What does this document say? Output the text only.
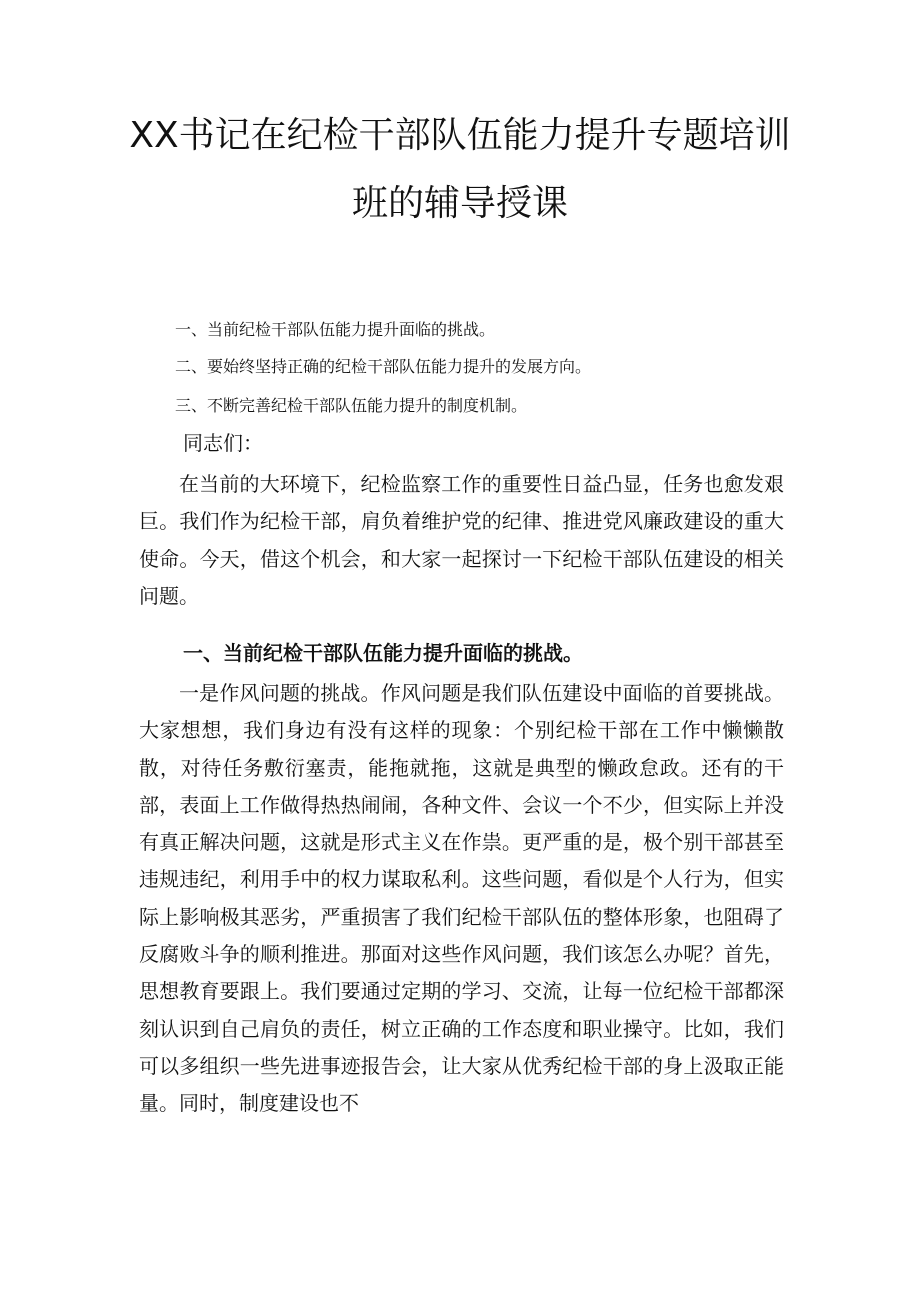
XX书记在纪检干部队伍能力提升专题培训
班的辅导授课
一、当前纪检干部队伍能力提升面临的挑战。
二、要始终坚持正确的纪检干部队伍能力提升的发展方向。
三、不断完善纪检干部队伍能力提升的制度机制。
同志们：
在当前的大环境下，纪检监察工作的重要性日益凸显，任务也愈发艰巨。我们作为纪检干部，肩负着维护党的纪律、推进党风廉政建设的重大使命。今天，借这个机会，和大家一起探讨一下纪检干部队伍建设的相关问题。
一、当前纪检干部队伍能力提升面临的挑战。
一是作风问题的挑战。作风问题是我们队伍建设中面临的首要挑战。大家想想，我们身边有没有这样的现象：个别纪检干部在工作中懒懒散散，对待任务敷衍塞责，能拖就拖，这就是典型的懒政怠政。还有的干部，表面上工作做得热热闹闹，各种文件、会议一个不少，但实际上并没有真正解决问题，这就是形式主义在作祟。更严重的是，极个别干部甚至违规违纪，利用手中的权力谋取私利。这些问题，看似是个人行为，但实际上影响极其恶劣，严重损害了我们纪检干部队伍的整体形象，也阻碍了反腐败斗争的顺利推进。那面对这些作风问题，我们该怎么办呢？首先，思想教育要跟上。我们要通过定期的学习、交流，让每一位纪检干部都深刻认识到自己肩负的责任，树立正确的工作态度和职业操守。比如，我们可以多组织一些先进事迹报告会，让大家从优秀纪检干部的身上汲取正能量。同时，制度建设也不
